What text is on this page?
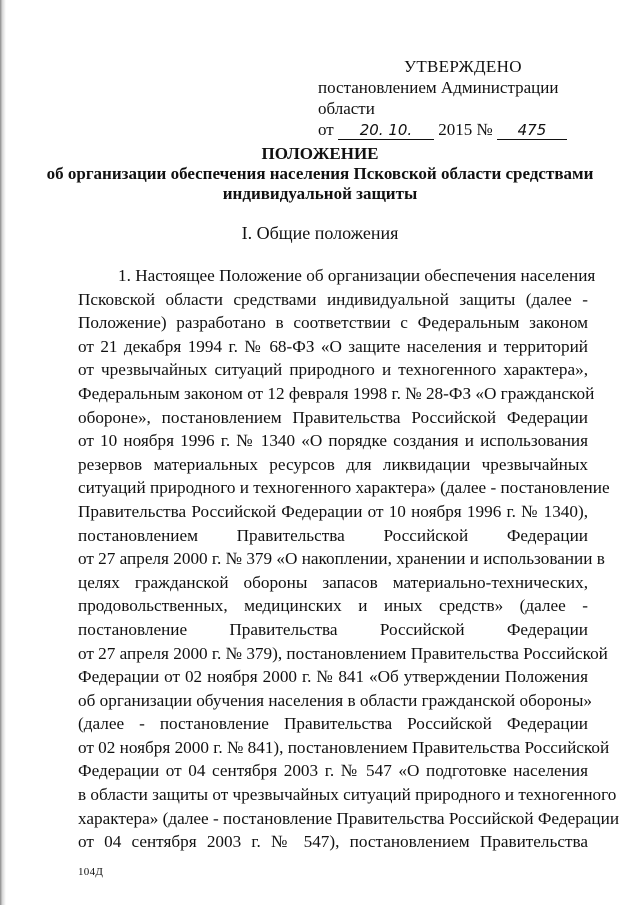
УТВЕРЖДЕНО
постановлением Администрации области
от 20. 10. 2015 № 475
ПОЛОЖЕНИЕ
об организации обеспечения населения Псковской области средствами
индивидуальной защиты
I. Общие положения
1. Настоящее Положение об организации обеспечения населения
Псковской области средствами индивидуальной защиты (далее -
Положение) разработано в соответствии с Федеральным законом
от 21 декабря 1994 г. № 68-ФЗ «О защите населения и территорий
от чрезвычайных ситуаций природного и техногенного характера»,
Федеральным законом от 12 февраля 1998 г. № 28-ФЗ «О гражданской
обороне», постановлением Правительства Российской Федерации
от 10 ноября 1996 г. № 1340 «О порядке создания и использования
резервов материальных ресурсов для ликвидации чрезвычайных
ситуаций природного и техногенного характера» (далее - постановление
Правительства Российской Федерации от 10 ноября 1996 г. № 1340),
постановлением Правительства Российской Федерации
от 27 апреля 2000 г. № 379 «О накоплении, хранении и использовании в
целях гражданской обороны запасов материально-технических,
продовольственных, медицинских и иных средств» (далее -
постановление Правительства Российской Федерации
от 27 апреля 2000 г. № 379), постановлением Правительства Российской
Федерации от 02 ноября 2000 г. № 841 «Об утверждении Положения
об организации обучения населения в области гражданской обороны»
(далее - постановление Правительства Российской Федерации
от 02 ноября 2000 г. № 841), постановлением Правительства Российской
Федерации от 04 сентября 2003 г. № 547 «О подготовке населения
в области защиты от чрезвычайных ситуаций природного и техногенного
характера» (далее - постановление Правительства Российской Федерации
от 04 сентября 2003 г. № 547), постановлением Правительства
104Д
